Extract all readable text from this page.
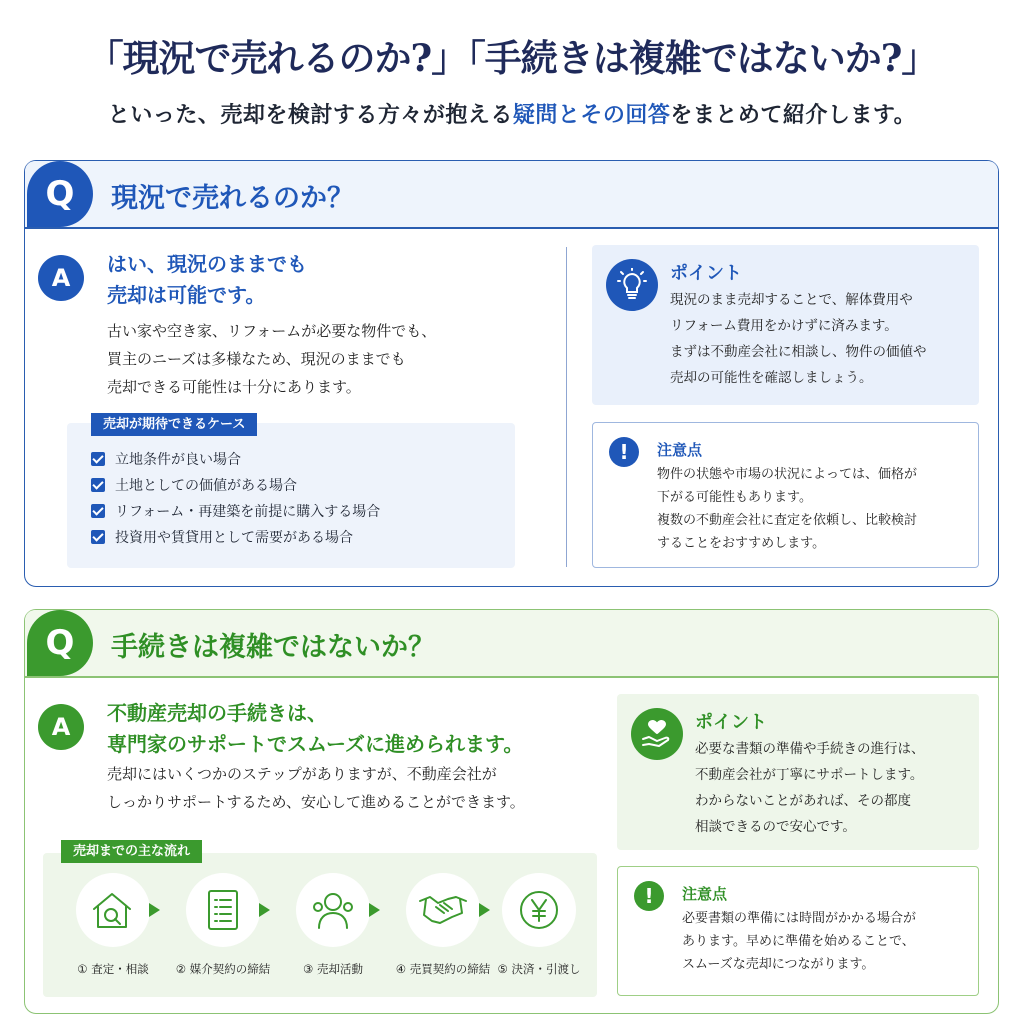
「現況で売れるのか?」「手続きは複雑ではないか?」
といった、売却を検討する方々が抱える疑問とその回答をまとめて紹介します。
Q	現況で売れるのか？
A	はい、現況のままでも
売却は可能です。
古い家や空き家、リフォームが必要な物件でも、
買主のニーズは多様なため、現況のままでも
売却できる可能性は十分にあります。
売却が期待できるケース
立地条件が良い場合
土地としての価値がある場合
リフォーム・再建築を前提に購入する場合
投資用や賃貸用として需要がある場合
ポイント
現況のまま売却することで、解体費用や
リフォーム費用をかけずに済みます。
まずは不動産会社に相談し、物件の価値や
売却の可能性を確認しましょう。
!	注意点
物件の状態や市場の状況によっては、価格が
下がる可能性もあります。
複数の不動産会社に査定を依頼し、比較検討
することをおすすめします。
Q	手続きは複雑ではないか？
A	不動産売却の手続きは、
専門家のサポートでスムーズに進められます。
売却にはいくつかのステップがありますが、不動産会社が
しっかりサポートするため、安心して進めることができます。
売却までの主な流れ
① 査定・相談	② 媒介契約の締結	③ 売却活動	④ 売買契約の締結 ⑤ 決済・引渡し
ポイント
必要な書類の準備や手続きの進行は、
不動産会社が丁寧にサポートします。
わからないことがあれば、その都度
相談できるので安心です。
!	注意点
必要書類の準備には時間がかかる場合が
あります。早めに準備を始めることで、
スムーズな売却につながります。
